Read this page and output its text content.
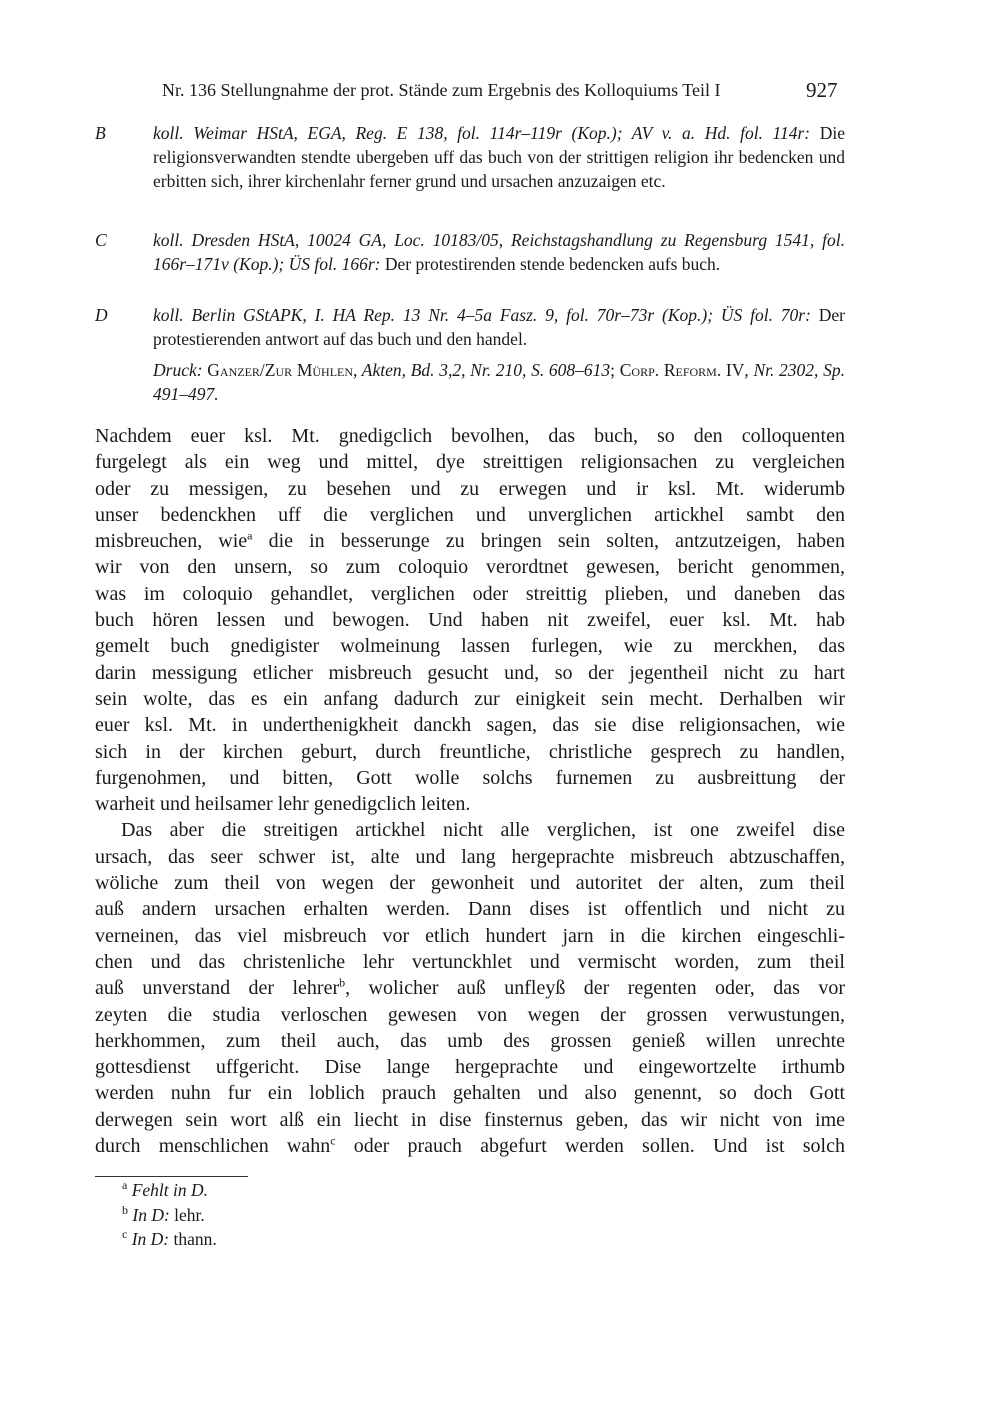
Nr. 136 Stellungnahme der prot. Stände zum Ergebnis des Kolloquiums Teil I	927
B	koll. Weimar HStA, EGA, Reg. E 138, fol. 114r–119r (Kop.); AV v. a. Hd. fol. 114r: Die religionsverwandten stendte ubergeben uff das buch von der strittigen religion ihr bedencken und erbitten sich, ihrer kirchenlahr ferner grund und ursachen anzuzaigen etc.
C	koll. Dresden HStA, 10024 GA, Loc. 10183/05, Reichstagshandlung zu Regensburg 1541, fol. 166r–171v (Kop.); ÜS fol. 166r: Der protestirenden stende bedencken aufs buch.
D	koll. Berlin GStAPK, I. HA Rep. 13 Nr. 4–5a Fasz. 9, fol. 70r–73r (Kop.); ÜS fol. 70r: Der protestierenden antwort auf das buch und den handel.
Druck: Ganzer/Zur Mühlen, Akten, Bd. 3,2, Nr. 210, S. 608–613; Corp. Reform. IV, Nr. 2302, Sp. 491–497.
Nachdem euer ksl. Mt. gnedigclich bevolhen, das buch, so den colloquenten
furgelegt als ein weg und mittel, dye streittigen religionsachen zu vergleichen
oder zu messigen, zu besehen und zu erwegen und ir ksl. Mt. widerumb
unser bedenckhen uff die verglichen und unverglichen artickhel sambt den
misbreuchen, wie$^a$ die in besserunge zu bringen sein solten, antzutzeigen, haben
wir von den unsern, so zum coloquio verordtnet gewesen, bericht genommen,
was im coloquio gehandlet, verglichen oder streittig plieben, und daneben das
buch hören lessen und bewogen. Und haben nit zweifel, euer ksl. Mt. hab
gemelt buch gnedigister wolmeinung lassen furlegen, wie zu merckhen, das
darin messigung etlicher misbreuch gesucht und, so der jegentheil nicht zu hart
sein wolte, das es ein anfang dadurch zur einigkeit sein mecht. Derhalben wir
euer ksl. Mt. in underthenigkheit danckh sagen, das sie dise religionsachen, wie
sich in der kirchen geburt, durch freuntliche, christliche gesprech zu handlen,
furgenohmen, und bitten, Gott wolle solchs furnemen zu ausbreittung der
warheit und heilsamer lehr genedigclich leiten.
Das aber die streitigen artickhel nicht alle verglichen, ist one zweifel dise
ursach, das seer schwer ist, alte und lang hergeprachte misbreuch abtzuschaffen,
wöliche zum theil von wegen der gewonheit und autoritet der alten, zum theil
auß andern ursachen erhalten werden. Dann dises ist offentlich und nicht zu
verneinen, das viel misbreuch vor etlich hundert jarn in die kirchen eingeschli-
chen und das christenliche lehr vertunckhlet und vermischt worden, zum theil
auß unverstand der lehrer$^b$, wolicher auß unfleyß der regenten oder, das vor
zeyten die studia verloschen gewesen von wegen der grossen verwustungen,
herkhommen, zum theil auch, das umb des grossen genieß willen unrechte
gottesdienst uffgericht. Dise lange hergeprachte und eingewortzelte irthumb
werden nuhn fur ein loblich prauch gehalten und also genennt, so doch Gott
derwegen sein wort alß ein liecht in dise finsternus geben, das wir nicht von ime
durch menschlichen wahn$^c$ oder prauch abgefurt werden sollen. Und ist solch
$^a$ Fehlt in D.
$^b$ In D: lehr.
$^c$ In D: thann.
